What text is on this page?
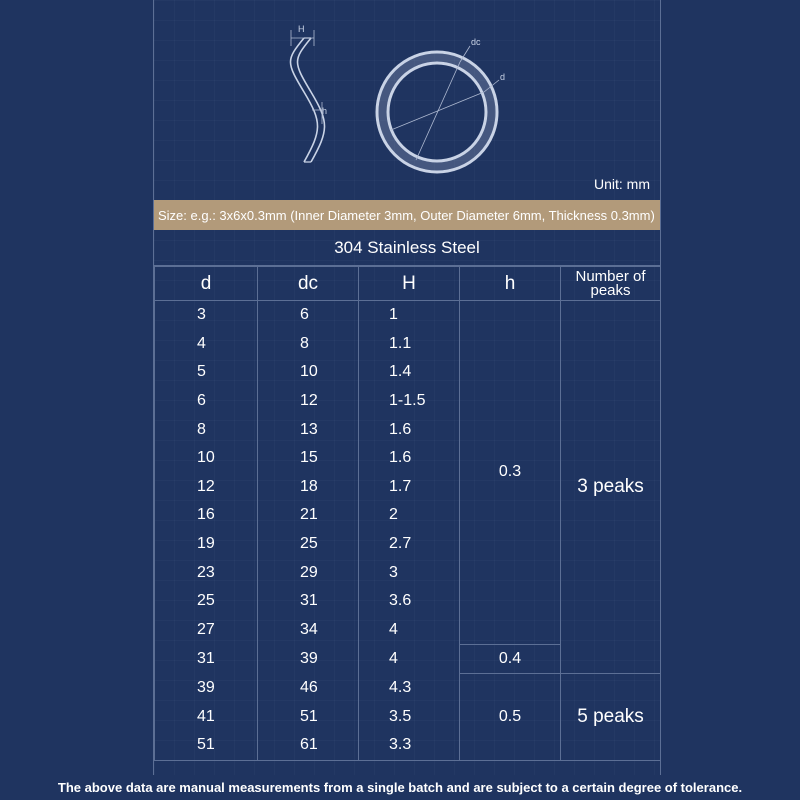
H
h
dc
d
Unit: mm
Size: e.g.: 3x6x0.3mm (Inner Diameter 3mm, Outer Diameter 6mm, Thickness 0.3mm)
304 Stainless Steel
d	dc	H	h	Number of peaks
3	6	1	0.3	3 peaks
4	8	1.1		
5	10	1.4		
6	12	1-1.5		
8	13	1.6		
10	15	1.6		
12	18	1.7		
16	21	2		
19	25	2.7		
23	29	3		
25	31	3.6		
27	34	4		
31	39	4	0.4	
39	46	4.3	0.5	5 peaks
41	51	3.5		
51	61	3.3		
The above data are manual measurements from a single batch and are subject to a certain degree of tolerance.
